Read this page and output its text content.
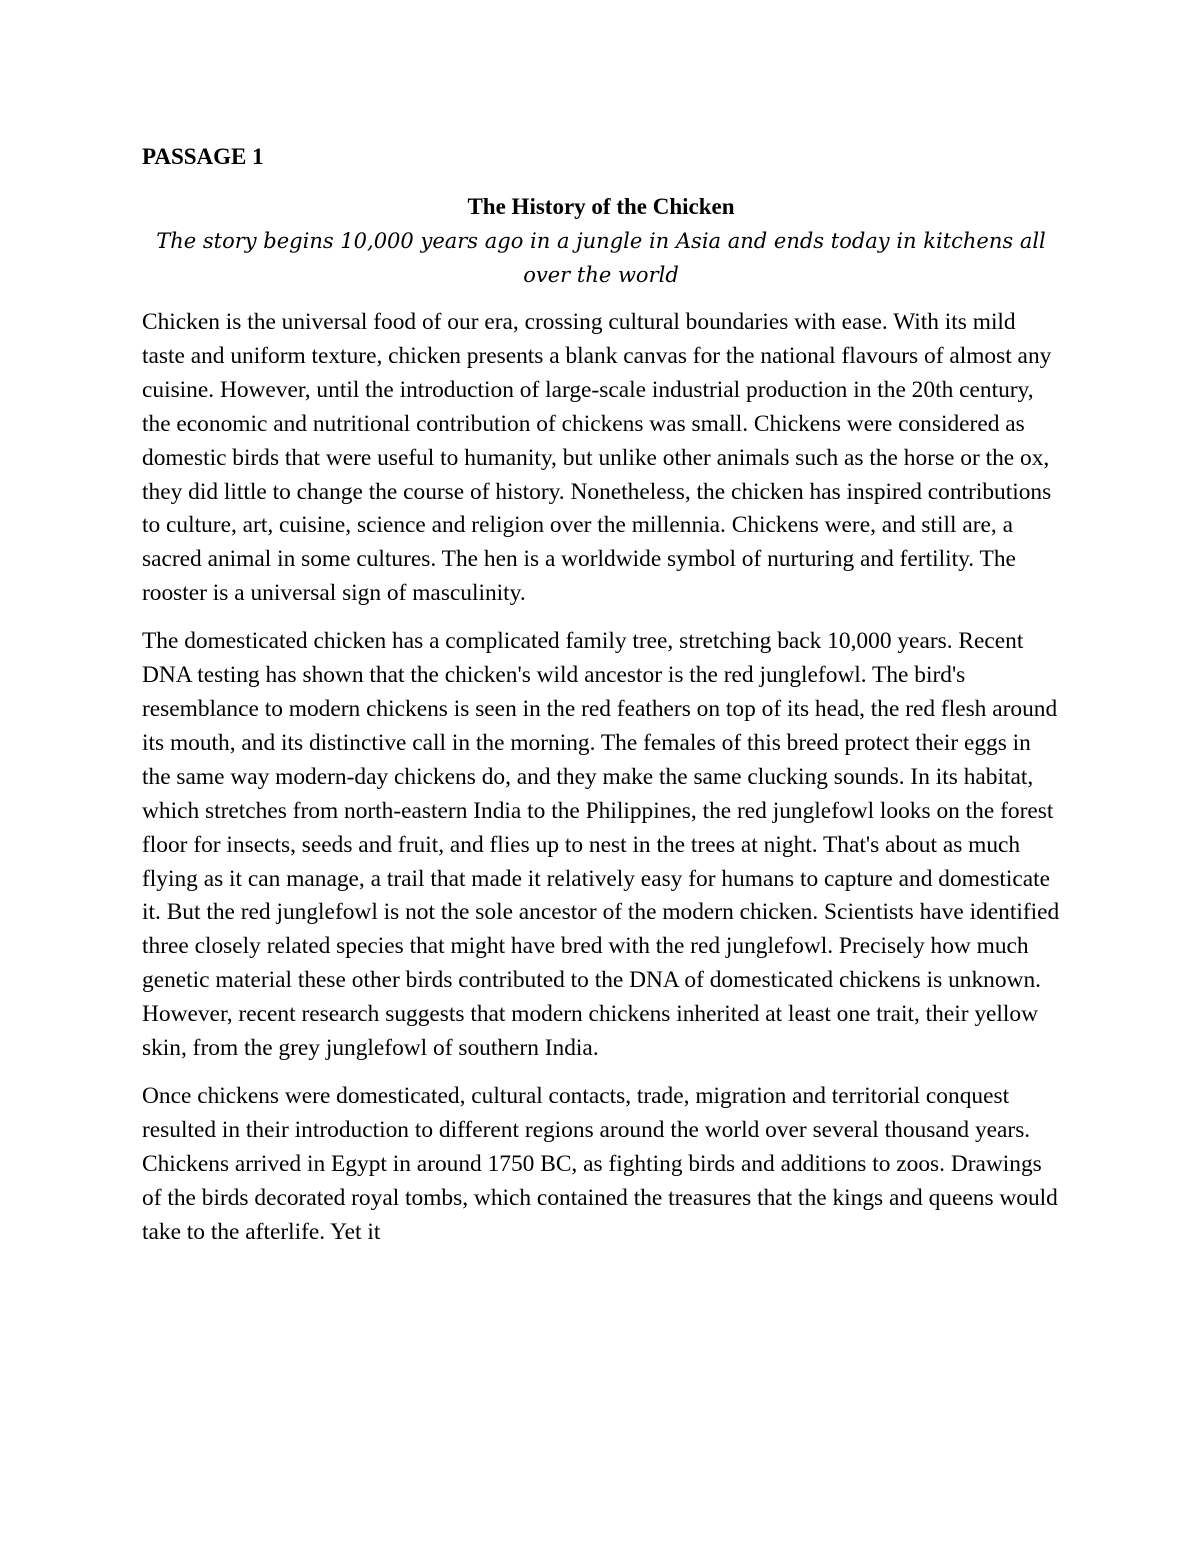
PASSAGE 1
The History of the Chicken
The story begins 10,000 years ago in a jungle in Asia and ends today in kitchens all over the world

Chicken is the universal food of our era, crossing cultural boundaries with ease. With its mild taste and uniform texture, chicken presents a blank canvas for the national flavours of almost any cuisine. However, until the introduction of large-scale industrial production in the 20th century, the economic and nutritional contribution of chickens was small. Chickens were considered as domestic birds that were useful to humanity, but unlike other animals such as the horse or the ox, they did little to change the course of history. Nonetheless, the chicken has inspired contributions to culture, art, cuisine, science and religion over the millennia. Chickens were, and still are, a sacred animal in some cultures. The hen is a worldwide symbol of nurturing and fertility. The rooster is a universal sign of masculinity.

The domesticated chicken has a complicated family tree, stretching back 10,000 years. Recent DNA testing has shown that the chicken's wild ancestor is the red junglefowl. The bird's resemblance to modern chickens is seen in the red feathers on top of its head, the red flesh around its mouth, and its distinctive call in the morning. The females of this breed protect their eggs in the same way modern-day chickens do, and they make the same clucking sounds. In its habitat, which stretches from north-eastern India to the Philippines, the red junglefowl looks on the forest floor for insects, seeds and fruit, and flies up to nest in the trees at night. That's about as much flying as it can manage, a trail that made it relatively easy for humans to capture and domesticate it. But the red junglefowl is not the sole ancestor of the modern chicken. Scientists have identified three closely related species that might have bred with the red junglefowl. Precisely how much genetic material these other birds contributed to the DNA of domesticated chickens is unknown. However, recent research suggests that modern chickens inherited at least one trait, their yellow skin, from the grey junglefowl of southern India.

Once chickens were domesticated, cultural contacts, trade, migration and territorial conquest resulted in their introduction to different regions around the world over several thousand years. Chickens arrived in Egypt in around 1750 BC, as fighting birds and additions to zoos. Drawings of the birds decorated royal tombs, which contained the treasures that the kings and queens would take to the afterlife. Yet it
